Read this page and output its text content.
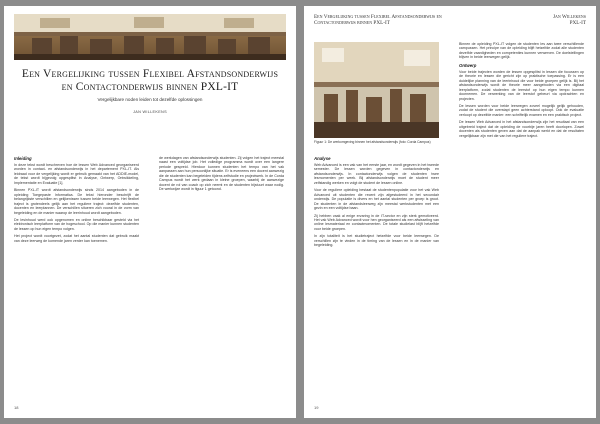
Een Vergelijking tussen Flexibel Afstandsonderwijs en Contactonderwijs binnen PXL-IT
Vergelijkbare noden leiden tot dezelfde oplossingen
JAN WILLEKENS
Inleiding

In deze tekst wordt beschreven hoe de lessen Web Advanced georganiseerd worden in contact- en afstandsonderwijs in het departement PXL-IT. Als leidraad voor de vergelijking wordt er gebruik gemaakt van het ADDIE-model, de tekst wordt bijgevolg opgesplitst in Analyse, Ontwerp, Ontwikkeling, Implementatie en Evaluatie [1].

Binnen PXL-IT wordt afstandsonderwijs sinds 2014 aangeboden in de opleiding Toegepaste Informatica. De tekst hieronder beschrijft de belangrijkste verschillen en gelijkenissen tussen beide leerwegen. Het flexibel traject is grotendeels gelijk aan het reguliere traject: dezelfde studenten, docenten en leerplannen. De verschillen situeren zich vooral in de vorm van begeleiding en de manier waarop de leerinhoud wordt aangeboden.

De lesinhoud werd ook opgenomen en online beschikbaar gesteld via het elektronisch leerplatform van de hogeschool. Op die manier kunnen studenten de lessen op hun eigen tempo volgen.

Het project wordt voortgezet, zodat het aantal studenten dat gebruik maakt van deze leerweg de komende jaren verder kan toenemen.

de werkdagen van afstandsonderwijs studenten. Zij volgen het traject meestal naast een voltijdse job. Het volledige programma wordt over een langere periode gespreid. Hierdoor kunnen studenten het tempo van het vak aanpassen aan hun persoonlijke situatie. Er is eveneens een docent aanwezig die de studenten kan begeleiden tijdens zelfstudie en projectwerk. In de Corda Campus wordt het werk gedaan in kleine groepen, waarbij de aanwezige docent de rol van coach op zich neemt en de studenten bijstuurt waar nodig. De werkwijze wordt in figuur 1 getoond.

18
Een Vergelijking tussen Flexibel Afstandsonderwijs en Contactonderwijs binnen PXL-IT
Jan Willekens
PXL-IT

Figuur 1: De werkomgeving binnen het afstandsonderwijs (foto: Corda Campus)

Analyse

Web Advanced is een vak van het eerste jaar, en wordt gegeven in het tweede semester. De lessen worden gegeven in contactonderwijs en afstandsonderwijs. In contactonderwijs volgen de studenten twee lesmomenten per week. Bij afstandsonderwijs moet de student meer zelfstandig werken en volgt de student de lessen online.

Voor de reguliere opleiding bestaat de studentenpopulatie voor het vak Web Advanced uit studenten die recent zijn afgestudeerd in het secundair onderwijs. De populatie is divers en het aantal studenten per groep is groot. De studenten in de afstandsleerweg zijn meestal werkstudenten met een gezin en een voltijdse baan.

Zij hebben vaak al enige ervaring in de IT-sector en zijn sterk gemotiveerd. Het vak Web Advanced wordt voor hen georganiseerd als een afwisseling van online lesmateriaal en contactmomenten. De totale studielast blijft hetzelfde voor beide groepen.

In zijn totaliteit is het studietraject hetzelfde voor beide leerwegen. De verschillen zijn te vinden in de timing van de lessen en in de manier van begeleiding.

Binnen de opleiding PXL-IT volgen de studenten les aan twee verschillende campussen. Het principe van de opleiding blijft hetzelfde zodat alle studenten dezelfde vaardigheden en competenties kunnen verwerven. De doelstellingen blijven in beide leerwegen gelijk.

Ontwerp

Voor beide trajecten worden de lessen opgesplitst in lessen die focussen op de theorie en lessen die gericht zijn op praktische toepassing. Er is een duidelijke planning van de leerinhoud die voor beide groepen gelijk is. Bij het afstandsonderwijs wordt de theorie meer aangeboden via een digitaal leerplatform, zodat studenten de leerstof op hun eigen tempo kunnen doornemen. De verwerking van de leerstof gebeurt via opdrachten en projecten.

De lessen worden voor beide leerwegen zoveel mogelijk gelijk gehouden, zodat de student die overstapt geen achterstand oploopt. Ook de evaluatie verloopt op dezelfde manier: een schriftelijk examen en een praktisch project.

De lessen Web Advanced in het afstandsonderwijs zijn het resultaat van een uitgebreid traject dat de opleiding de voorbije jaren heeft doorlopen. Zowel docenten als studenten geven aan dat de aanpak werkt en dat de resultaten vergelijkbaar zijn met die van het reguliere traject.

19
